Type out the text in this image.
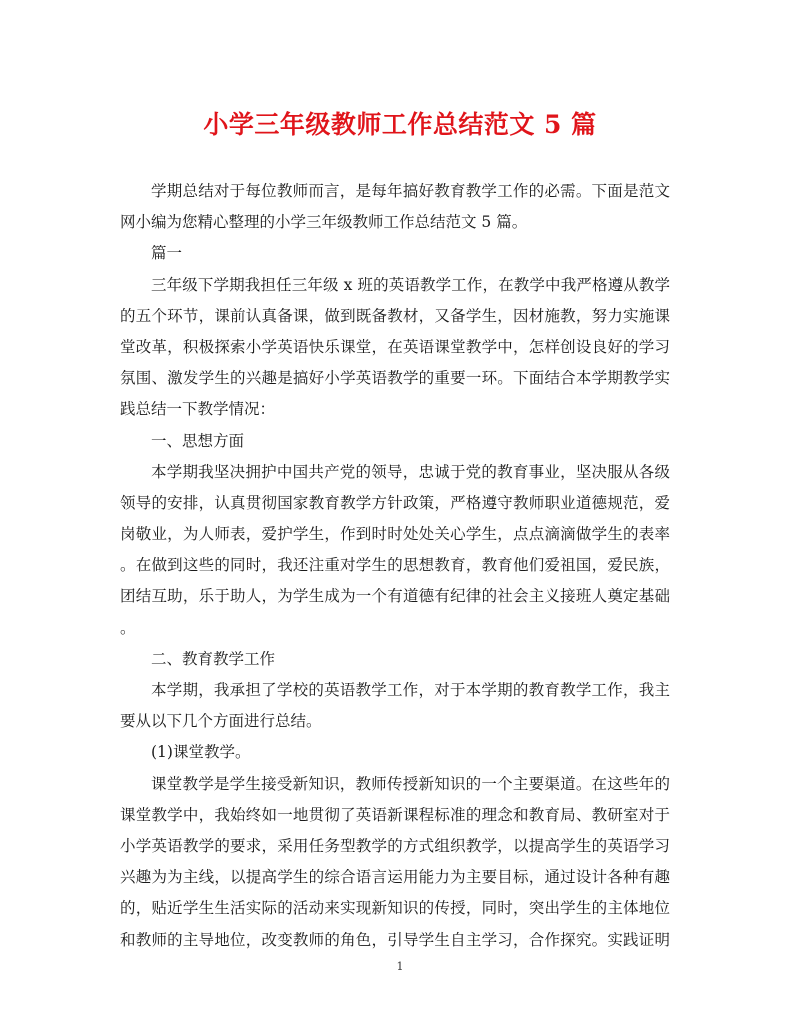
小学三年级教师工作总结范文 5 篇
学期总结对于每位教师而言，是每年搞好教育教学工作的必需。下面是范文
网小编为您精心整理的小学三年级教师工作总结范文 5 篇。
篇一
三年级下学期我担任三年级 x 班的英语教学工作，在教学中我严格遵从教学
的五个环节，课前认真备课，做到既备教材，又备学生，因材施教，努力实施课
堂改革，积极探索小学英语快乐课堂，在英语课堂教学中，怎样创设良好的学习
氛围、激发学生的兴趣是搞好小学英语教学的重要一环。下面结合本学期教学实
践总结一下教学情况：
一、思想方面
本学期我坚决拥护中国共产党的领导，忠诚于党的教育事业，坚决服从各级
领导的安排，认真贯彻国家教育教学方针政策，严格遵守教师职业道德规范，爱
岗敬业，为人师表，爱护学生，作到时时处处关心学生，点点滴滴做学生的表率
。在做到这些的同时，我还注重对学生的思想教育，教育他们爱祖国，爱民族，
团结互助，乐于助人，为学生成为一个有道德有纪律的社会主义接班人奠定基础
。
二、教育教学工作
本学期，我承担了学校的英语教学工作，对于本学期的教育教学工作，我主
要从以下几个方面进行总结。
(1)课堂教学。
课堂教学是学生接受新知识，教师传授新知识的一个主要渠道。在这些年的
课堂教学中，我始终如一地贯彻了英语新课程标准的理念和教育局、教研室对于
小学英语教学的要求，采用任务型教学的方式组织教学，以提高学生的英语学习
兴趣为为主线，以提高学生的综合语言运用能力为主要目标，通过设计各种有趣
的，贴近学生生活实际的活动来实现新知识的传授，同时，突出学生的主体地位
和教师的主导地位，改变教师的角色，引导学生自主学习，合作探究。实践证明
1
